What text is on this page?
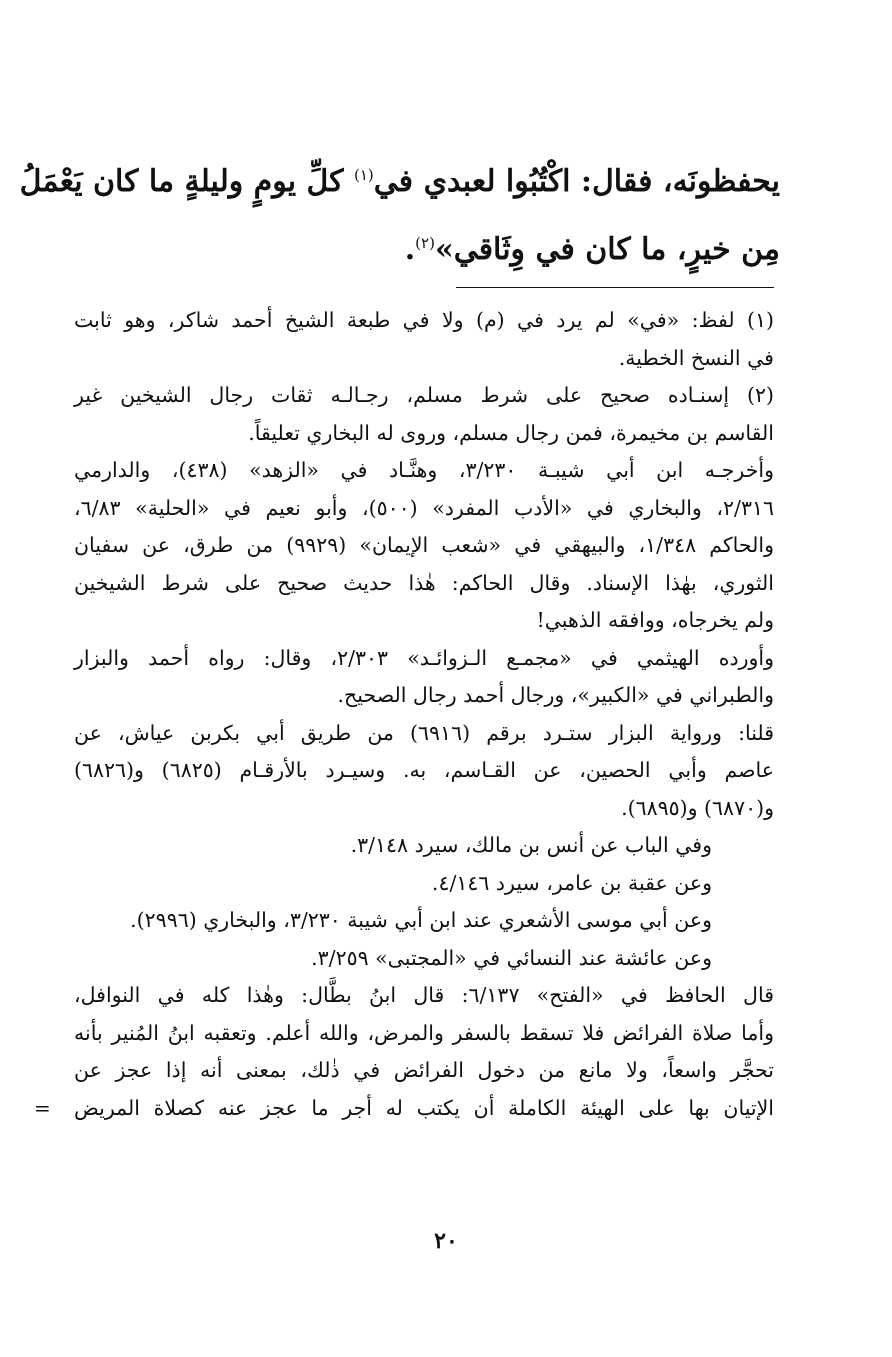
يحفظونَه، فقال: اكْتُبُوا لعبدي في$^{(١)}$ كلِّ يومٍ وليلةٍ ما كان يَعْمَلُ
مِن خيرٍ، ما كان في وِثَاقي»$^{(٢)}$.
(١) لفظ: «في» لم يرد في (م) ولا في طبعة الشيخ أحمد شاكر، وهو ثابت
في النسخ الخطية.
(٢) إسنـاده صحيح على شرط مسلم، رجـالـه ثقات رجال الشيخين غير
القاسم بن مخيمرة، فمن رجال مسلم، وروى له البخاري تعليقاً.
وأخرجـه ابن أبي شيبـة ٣/٢٣٠، وهنَّـاد في «الزهد» (٤٣٨)، والدارمي
٢/٣١٦، والبخاري في «الأدب المفرد» (٥٠٠)، وأبو نعيم في «الحلية» ٦/٨٣،
والحاكم ١/٣٤٨، والبيهقي في «شعب الإيمان» (٩٩٢٩) من طرق، عن سفيان
الثوري، بهٰذا الإسناد. وقال الحاكم: هٰذا حديث صحيح على شرط الشيخين
ولم يخرجاه، ووافقه الذهبي!
وأورده الهيثمي في «مجمـع الـزوائـد» ٢/٣٠٣، وقال: رواه أحمد والبزار
والطبراني في «الكبير»، ورجال أحمد رجال الصحيح.
قلنا: ورواية البزار ستـرد برقم (٦٩١٦) من طريق أبي بكربن عياش، عن
عاصم وأبي الحصين، عن القـاسم، به. وسيـرد بالأرقـام (٦٨٢٥) و(٦٨٢٦)
و(٦٨٧٠) و(٦٨٩٥).
وفي الباب عن أنس بن مالك، سيرد ٣/١٤٨.
وعن عقبة بن عامر، سيرد ٤/١٤٦.
وعن أبي موسى الأشعري عند ابن أبي شيبة ٣/٢٣٠، والبخاري (٢٩٩٦).
وعن عائشة عند النسائي في «المجتبى» ٣/٢٥٩.
قال الحافظ في «الفتح» ٦/١٣٧: قال ابنُ بطَّال: وهٰذا كله في النوافل،
وأما صلاة الفرائض فلا تسقط بالسفر والمرض، والله أعلم. وتعقبه ابنُ المُنير بأنه
تحجَّر واسعاً، ولا مانع من دخول الفرائض في ذٰلك، بمعنى أنه إذا عجز عن
الإتيان بها على الهيئة الكاملة أن يكتب له أجر ما عجز عنه كصلاة المريض
=
٢٠
